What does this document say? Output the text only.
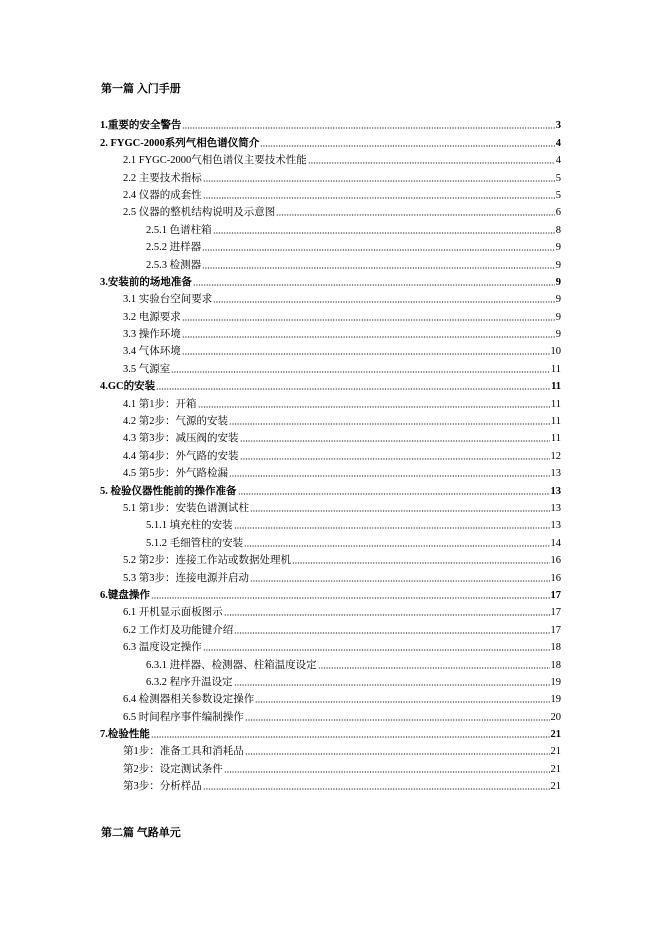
第一篇 入门手册
1.重要的安全警告	3
2. FYGC-2000系列气相色谱仪简介	4
2.1 FYGC-2000气相色谱仪主要技术性能	4
2.2 主要技术指标	5
2.4 仪器的成套性	5
2.5 仪器的整机结构说明及示意图	6
2.5.1 色谱柱箱	8
2.5.2 进样器	9
2.5.3 检测器	9
3.安装前的场地准备	9
3.1 实验台空间要求	9
3.2 电源要求	9
3.3 操作环境	9
3.4 气体环境	10
3.5 气源室	11
4.GC的安装	11
4.1 第1步：开箱	11
4.2 第2步：气源的安装	11
4.3 第3步：减压阀的安装	11
4.4 第4步：外气路的安装	12
4.5 第5步：外气路检漏	13
5. 检验仪器性能前的操作准备	13
5.1 第1步：安装色谱测试柱	13
5.1.1 填充柱的安装	13
5.1.2 毛细管柱的安装	14
5.2 第2步：连接工作站或数据处理机	16
5.3 第3步：连接电源并启动	16
6.键盘操作	17
6.1 开机显示面板图示	17
6.2 工作灯及功能键介绍	17
6.3 温度设定操作	18
6.3.1 进样器、检测器、柱箱温度设定	18
6.3.2 程序升温设定	19
6.4 检测器相关参数设定操作	19
6.5 时间程序事件编制操作	20
7.检验性能	21
第1步：准备工具和消耗品	21
第2步：设定测试条件	21
第3步：分析样品	21
第二篇 气路单元
